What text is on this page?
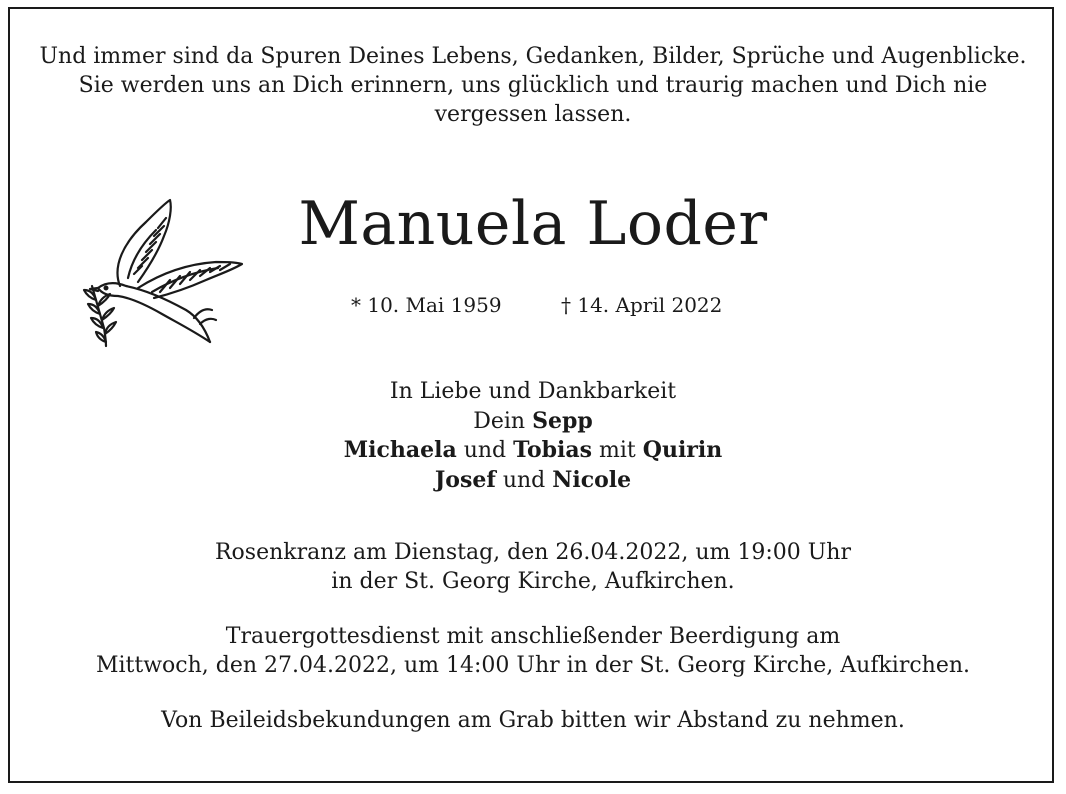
Und immer sind da Spuren Deines Lebens, Gedanken, Bilder, Sprüche und Augenblicke.
Sie werden uns an Dich erinnern, uns glücklich und traurig machen und Dich nie
vergessen lassen.
Manuela Loder
* 10. Mai 1959	† 14. April 2022
In Liebe und Dankbarkeit
Dein Sepp
Michaela und Tobias mit Quirin
Josef und Nicole
Rosenkranz am Dienstag, den 26.04.2022, um 19:00 Uhr
in der St. Georg Kirche, Aufkirchen.
Trauergottesdienst mit anschließender Beerdigung am
Mittwoch, den 27.04.2022, um 14:00 Uhr in der St. Georg Kirche, Aufkirchen.
Von Beileidsbekundungen am Grab bitten wir Abstand zu nehmen.
